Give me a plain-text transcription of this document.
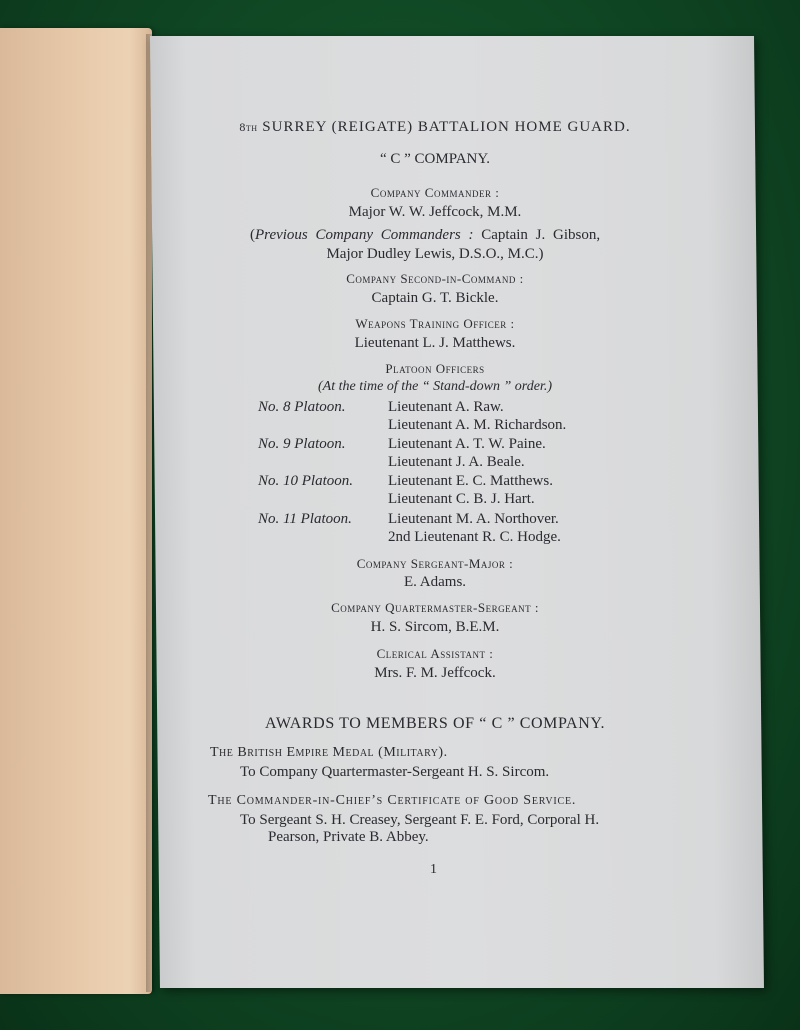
8th SURREY (REIGATE) BATTALION HOME GUARD.
“ C ” COMPANY.
Company Commander :
Major W. W. Jeffcock, M.M.
(Previous Company Commanders : Captain J. Gibson,
Major Dudley Lewis, D.S.O., M.C.)
Company Second-in-Command :
Captain G. T. Bickle.
Weapons Training Officer :
Lieutenant L. J. Matthews.
Platoon Officers
(At the time of the “ Stand-down ” order.)
No. 8 Platoon.	Lieutenant A. Raw.
Lieutenant A. M. Richardson.
No. 9 Platoon.	Lieutenant A. T. W. Paine.
Lieutenant J. A. Beale.
No. 10 Platoon. Lieutenant E. C. Matthews.
Lieutenant C. B. J. Hart.
No. 11 Platoon. Lieutenant M. A. Northover.
2nd Lieutenant R. C. Hodge.
Company Sergeant-Major :
E. Adams.
Company Quartermaster-Sergeant :
H. S. Sircom, B.E.M.
Clerical Assistant :
Mrs. F. M. Jeffcock.
AWARDS TO MEMBERS OF “ C ” COMPANY.
The British Empire Medal (Military).
To Company Quartermaster-Sergeant H. S. Sircom.
The Commander-in-Chief’s Certificate of Good Service.
To Sergeant S. H. Creasey, Sergeant F. E. Ford, Corporal H.
Pearson, Private B. Abbey.
1
